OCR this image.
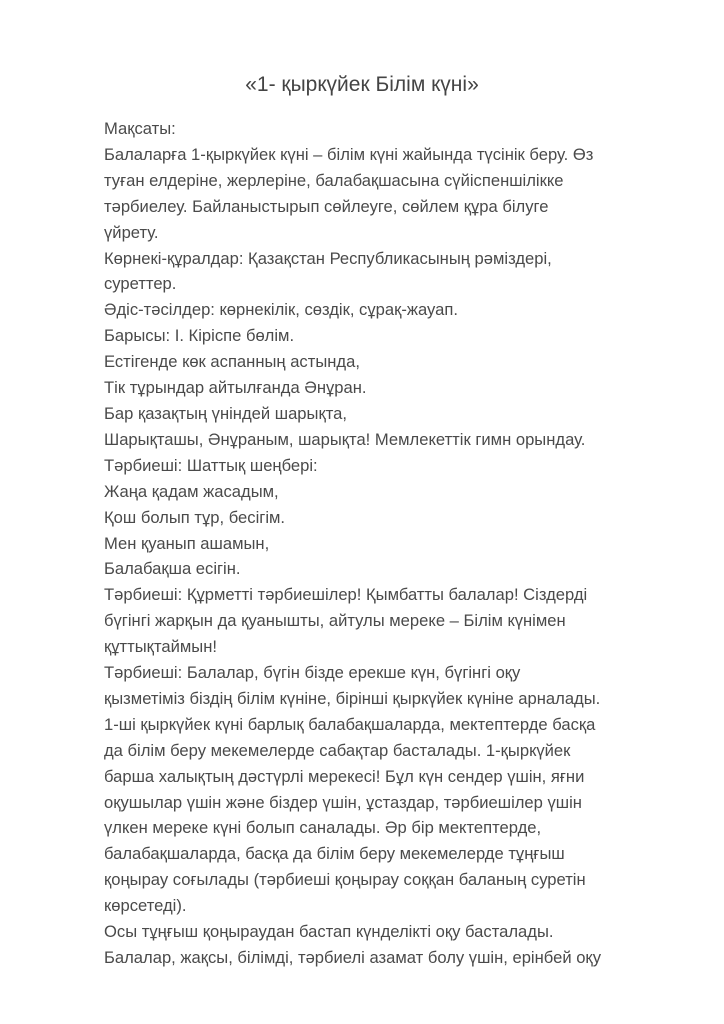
«1- қыркүйек Білім күні»
Мақсаты:
Балаларға 1-қыркүйек күні – білім күні жайында түсінік беру. Өз
туған елдеріне, жерлеріне, балабақшасына сүйіспеншілікке
тәрбиелеу. Байланыстырып сөйлеуге, сөйлем құра білуге
үйрету.
Көрнекі-құралдар: Қазақстан Республикасының рәміздері,
суреттер.
Әдіс-тәсілдер: көрнекілік, сөздік, сұрақ-жауап.
Барысы: І. Кіріспе бөлім.
Естігенде көк аспанның астында,
Тік тұрындар айтылғанда Әнұран.
Бар қазақтың үніндей шарықта,
Шарықташы, Әнұраным, шарықта! Мемлекеттік гимн орындау.
Тәрбиеші: Шаттық шеңбері:
Жаңа қадам жасадым,
Қош болып тұр, бесігім.
Мен қуанып ашамын,
Балабақша есігін.
Тәрбиеші: Құрметті тәрбиешілер! Қымбатты балалар! Сіздерді
бүгінгі жарқын да қуанышты, айтулы мереке – Білім күнімен
құттықтаймын!
Тәрбиеші: Балалар, бүгін бізде ерекше күн, бүгінгі оқу
қызметіміз біздің білім күніне, бірінші қыркүйек күніне арналады.
1-ші қыркүйек күні барлық балабақшаларда, мектептерде басқа
да білім беру мекемелерде сабақтар басталады. 1-қыркүйек
барша халықтың дәстүрлі мерекесі! Бұл күн сендер үшін, яғни
оқушылар үшін және біздер үшін, ұстаздар, тәрбиешілер үшін
үлкен мереке күні болып саналады. Әр бір мектептерде,
балабақшаларда, басқа да білім беру мекемелерде тұңғыш
қоңырау соғылады (тәрбиеші қоңырау соққан баланың суретін
көрсетеді).
Осы тұңғыш қоңыраудан бастап күнделікті оқу басталады.
Балалар, жақсы, білімді, тәрбиелі азамат болу үшін, ерінбей оқу
